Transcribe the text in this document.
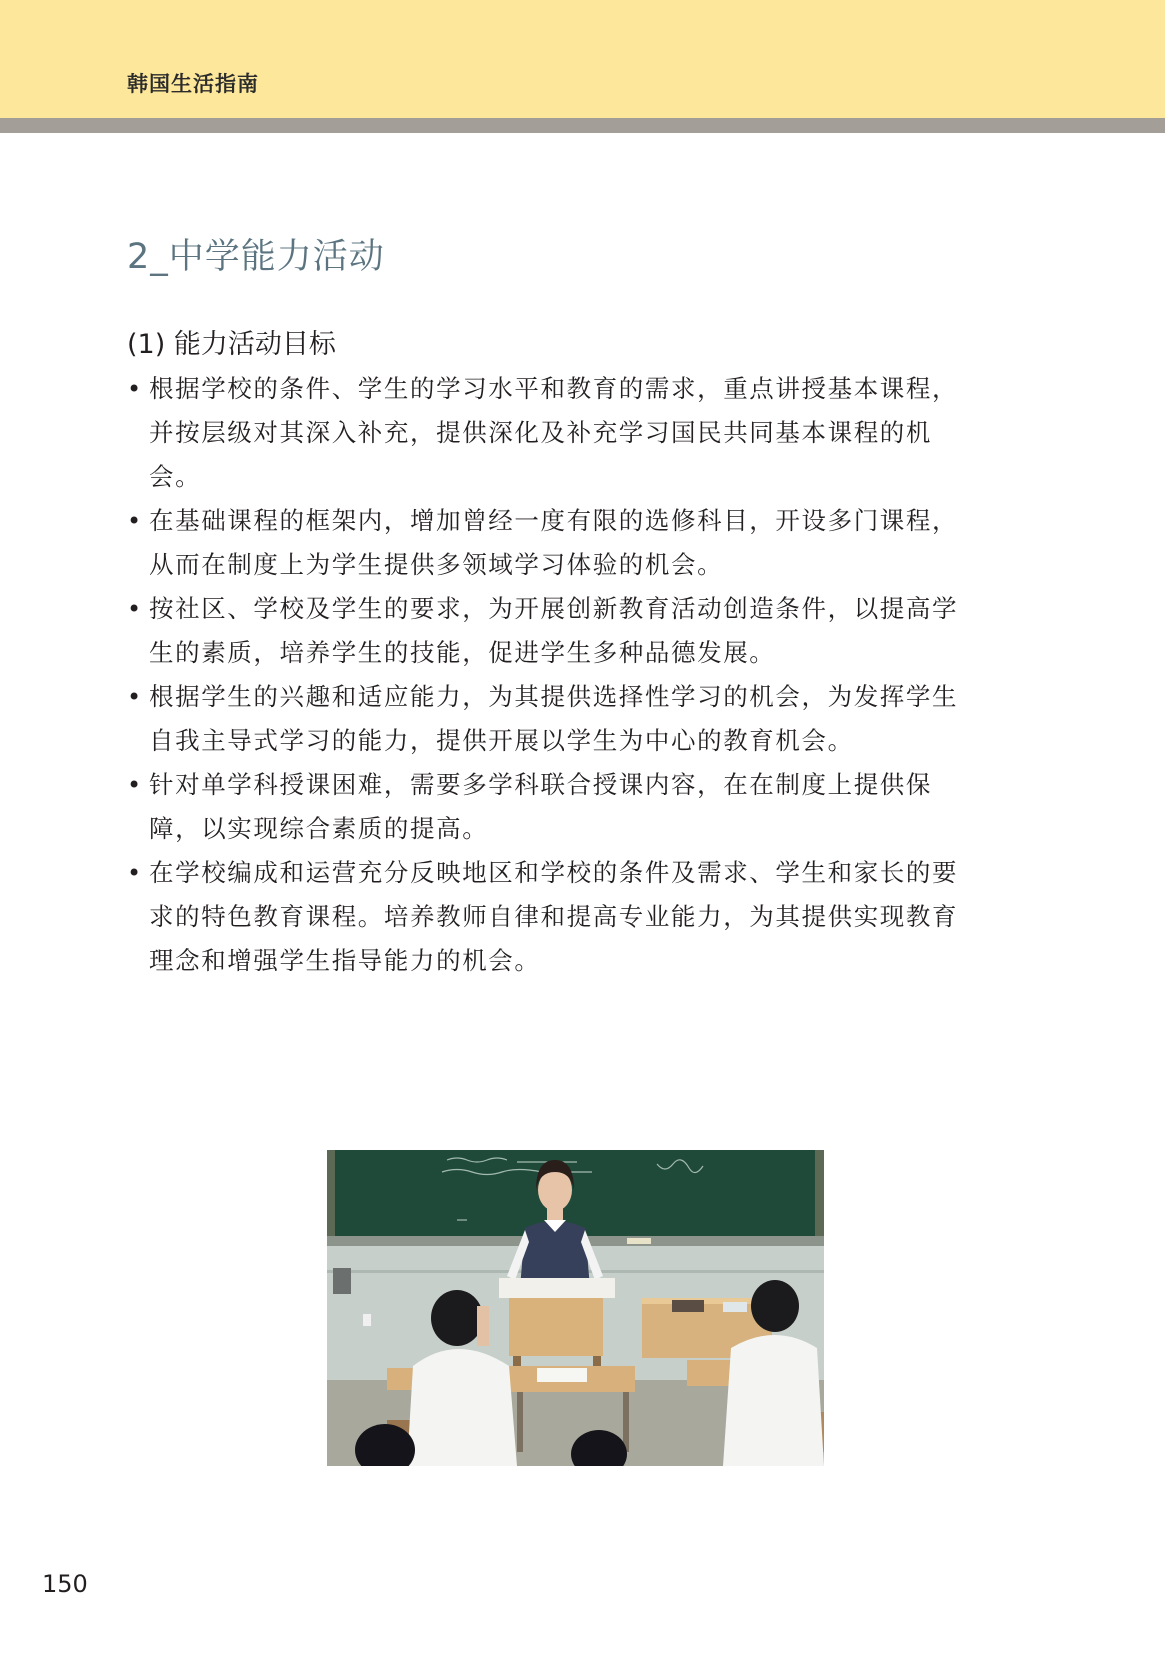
韩国生活指南
2_中学能力活动
(1) 能力活动目标
• 根据学校的条件、学生的学习水平和教育的需求，重点讲授基本课程，
并按层级对其深入补充，提供深化及补充学习国民共同基本课程的机
会。
• 在基础课程的框架内，增加曾经一度有限的选修科目，开设多门课程，
从而在制度上为学生提供多领域学习体验的机会。
• 按社区、学校及学生的要求，为开展创新教育活动创造条件，以提高学
生的素质，培养学生的技能，促进学生多种品德发展。
• 根据学生的兴趣和适应能力，为其提供选择性学习的机会，为发挥学生
自我主导式学习的能力，提供开展以学生为中心的教育机会。
• 针对单学科授课困难，需要多学科联合授课内容，在在制度上提供保
障，以实现综合素质的提高。
• 在学校编成和运营充分反映地区和学校的条件及需求、学生和家长的要
求的特色教育课程。培养教师自律和提高专业能力，为其提供实现教育
理念和增强学生指导能力的机会。
150
